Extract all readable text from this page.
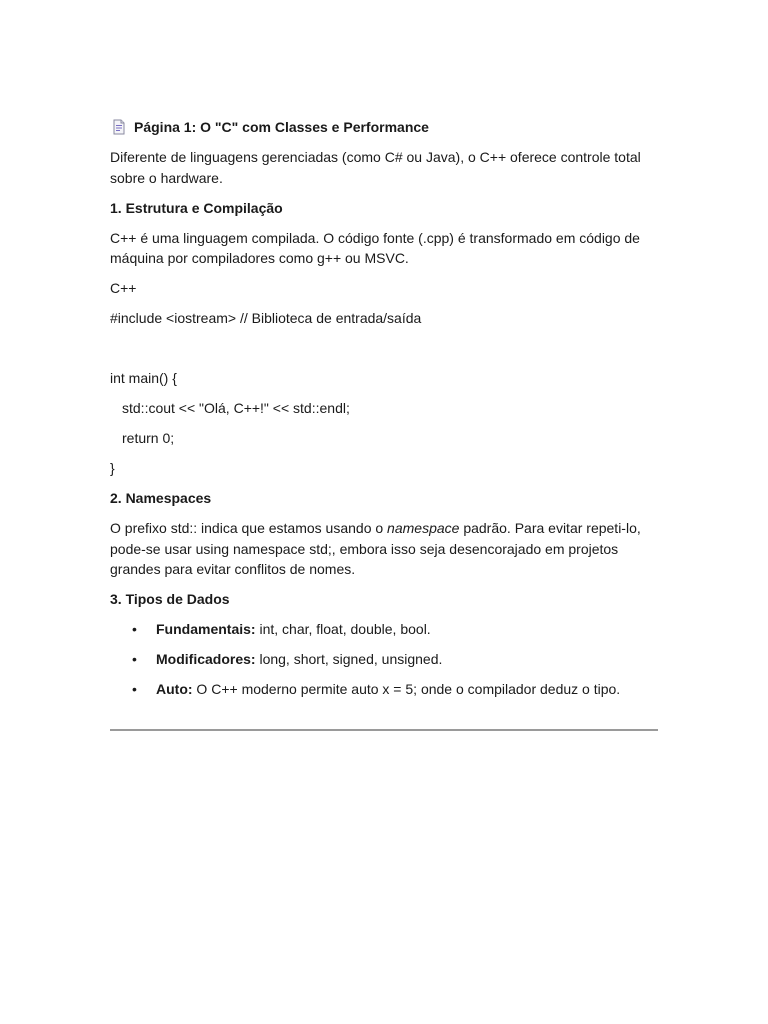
Página 1: O "C" com Classes e Performance

Diferente de linguagens gerenciadas (como C# ou Java), o C++ oferece controle total sobre o hardware.

1. Estrutura e Compilação

C++ é uma linguagem compilada. O código fonte (.cpp) é transformado em código de máquina por compiladores como g++ ou MSVC.

C++

#include <iostream> // Biblioteca de entrada/saída

int main() {

std::cout << "Olá, C++!" << std::endl;

return 0;

}

2. Namespaces

O prefixo std:: indica que estamos usando o namespace padrão. Para evitar repeti-lo, pode-se usar using namespace std;, embora isso seja desencorajado em projetos grandes para evitar conflitos de nomes.

3. Tipos de Dados

• Fundamentais: int, char, float, double, bool.
• Modificadores: long, short, signed, unsigned.
• Auto: O C++ moderno permite auto x = 5; onde o compilador deduz o tipo.
